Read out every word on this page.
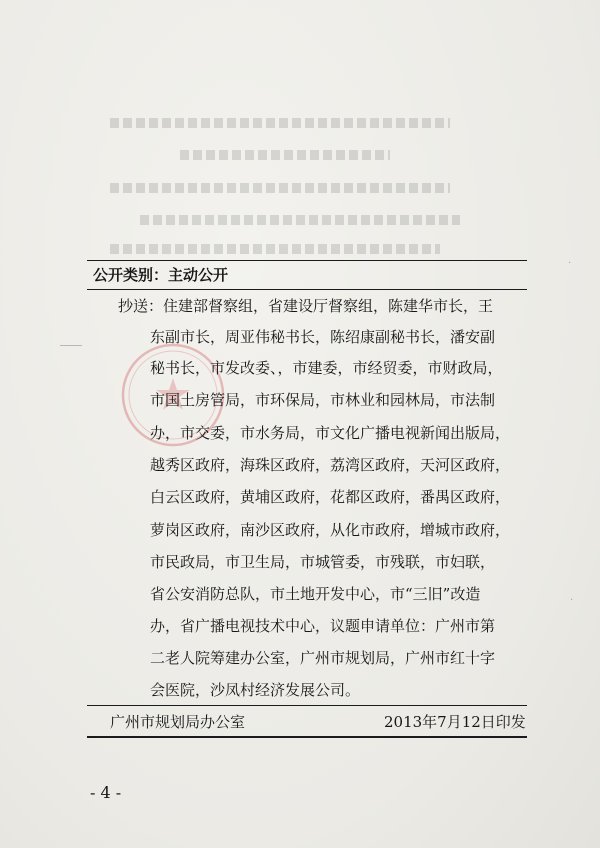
公开类别：主动公开
抄送：住建部督察组，省建设厅督察组，陈建华市长，王
东副市长，周亚伟秘书长，陈绍康副秘书长，潘安副
秘书长，市发改委、，市建委，市经贸委，市财政局，
市国土房管局，市环保局，市林业和园林局，市法制
办，市交委，市水务局，市文化广播电视新闻出版局，
越秀区政府，海珠区政府，荔湾区政府，天河区政府，
白云区政府，黄埔区政府，花都区政府，番禺区政府，
萝岗区政府，南沙区政府，从化市政府，增城市政府，
市民政局，市卫生局，市城管委，市残联，市妇联，
省公安消防总队，市土地开发中心，市“三旧”改造
办，省广播电视技术中心，议题申请单位：广州市第
二老人院筹建办公室，广州市规划局，广州市红十字
会医院，沙凤村经济发展公司。
广州市规划局办公室	2013年7月12日印发
- 4 -
·
·
